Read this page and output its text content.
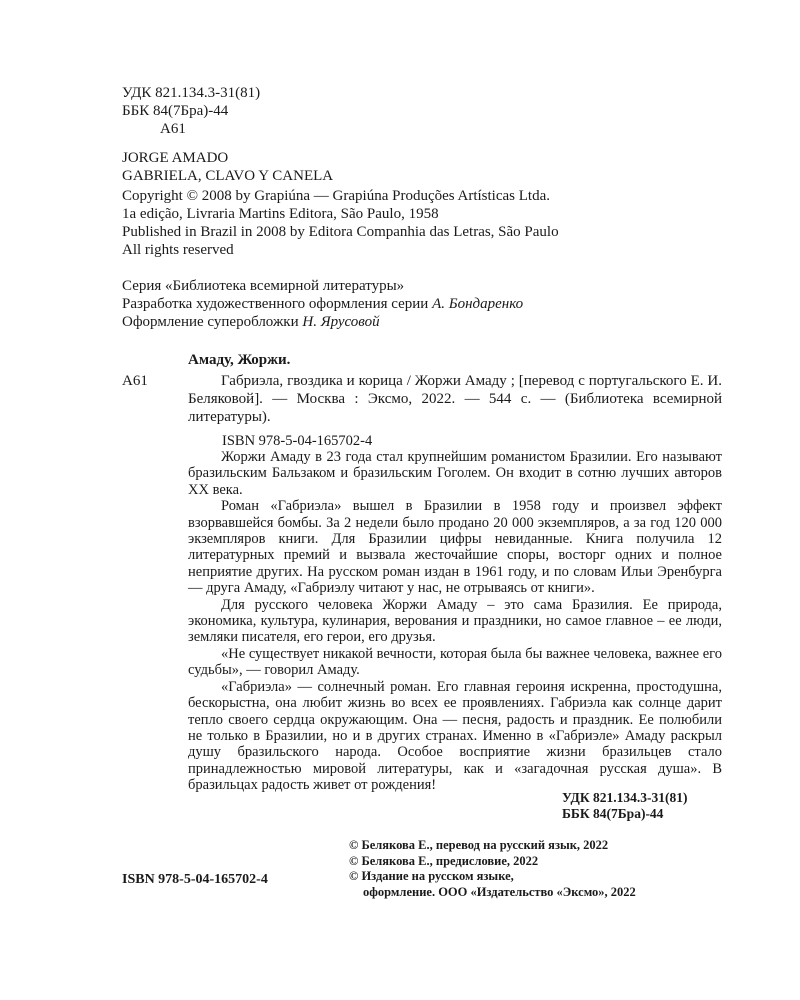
УДК 821.134.3-31(81)
ББК 84(7Бра)-44
А61
JORGE AMADO
GABRIELA, CLAVO Y CANELA
Copyright © 2008 by Grapiúna — Grapiúna Produções Artísticas Ltda.
1a edição, Livraria Martins Editora, São Paulo, 1958
Published in Brazil in 2008 by Editora Companhia das Letras, São Paulo
All rights reserved
Серия «Библиотека всемирной литературы»
Разработка художественного оформления серии А. Бондаренко
Оформление суперобложки Н. Ярусовой
Амаду, Жоржи.
А61	Габриэла, гвоздика и корица / Жоржи Амаду ; [перевод с португальского Е. И. Беляковой]. — Москва : Эксмо, 2022. — 544 с. — (Библиотека всемирной литературы).
ISBN 978-5-04-165702-4

Жоржи Амаду в 23 года стал крупнейшим романистом Бразилии. Его называют бразильским Бальзаком и бразильским Гоголем. Он входит в сотню лучших авторов XX века.

Роман «Габриэла» вышел в Бразилии в 1958 году и произвел эффект взорвавшейся бомбы. За 2 недели было продано 20 000 экземпляров, а за год 120 000 экземпляров книги. Для Бразилии цифры невиданные. Книга получила 12 литературных премий и вызвала жесточайшие споры, восторг одних и полное неприятие других. На русском роман издан в 1961 году, и по словам Ильи Эренбурга — друга Амаду, «Габриэлу читают у нас, не отрываясь от книги».

Для русского человека Жоржи Амаду – это сама Бразилия. Ее природа, экономика, культура, кулинария, верования и праздники, но самое главное – ее люди, земляки писателя, его герои, его друзья.

«Не существует никакой вечности, которая была бы важнее человека, важнее его судьбы», — говорил Амаду.

«Габриэла» — солнечный роман. Его главная героиня искренна, простодушна, бескорыстна, она любит жизнь во всех ее проявлениях. Габриэла как солнце дарит тепло своего сердца окружающим. Она — песня, радость и праздник. Ее полюбили не только в Бразилии, но и в других странах. Именно в «Габриэле» Амаду раскрыл душу бразильского народа. Особое восприятие жизни бразильцев стало принадлежностью мировой литературы, как и «загадочная русская душа». В бразильцах радость живет от рождения!

УДК 821.134.3-31(81)
ББК 84(7Бра)-44
© Белякова Е., перевод на русский язык, 2022
© Белякова Е., предисловие, 2022
© Издание на русском языке,
оформление. ООО «Издательство «Эксмо», 2022
ISBN 978-5-04-165702-4
